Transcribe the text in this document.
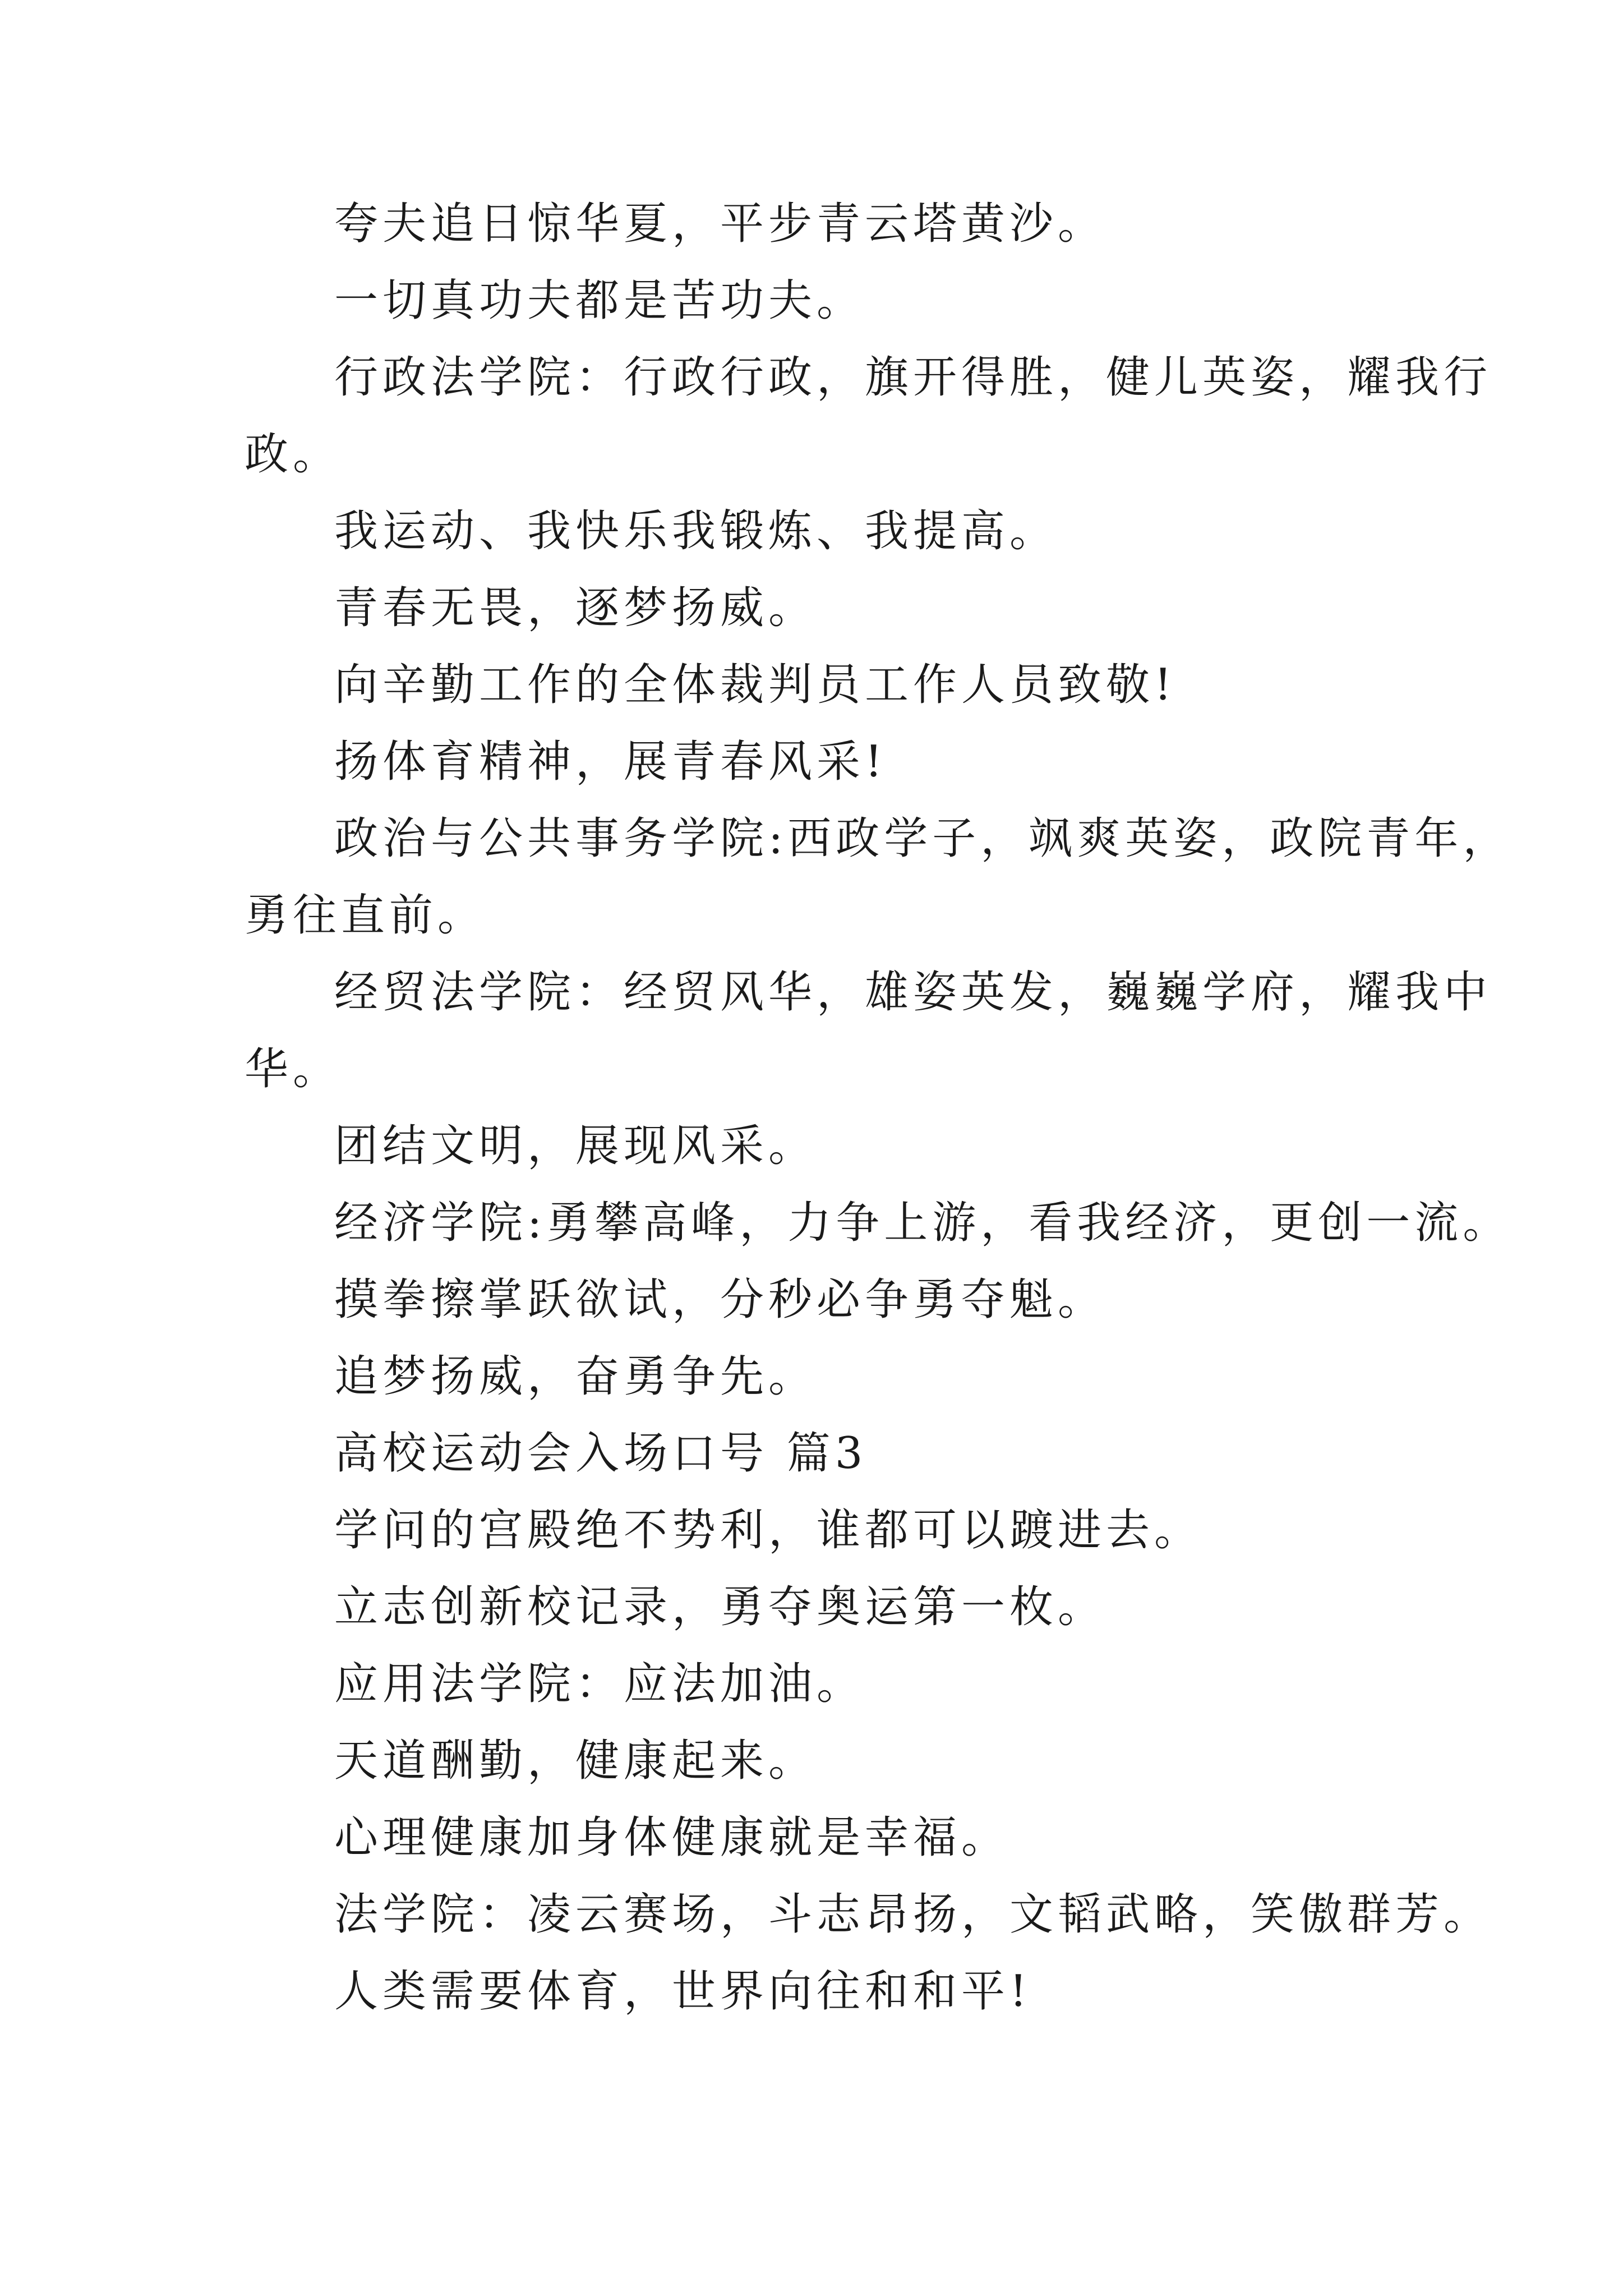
夸夫追日惊华夏，平步青云塔黄沙。
一切真功夫都是苦功夫。
行政法学院：行政行政，旗开得胜，健儿英姿，耀我行
政。
我运动、我快乐我锻炼、我提高。
青春无畏，逐梦扬威。
向辛勤工作的全体裁判员工作人员致敬!
扬体育精神，展青春风采!
政治与公共事务学院:西政学子，飒爽英姿，政院青年，
勇往直前。
经贸法学院：经贸风华，雄姿英发，巍巍学府，耀我中
华。
团结文明，展现风采。
经济学院:勇攀高峰，力争上游，看我经济，更创一流。
摸拳擦掌跃欲试，分秒必争勇夺魁。
追梦扬威，奋勇争先。
高校运动会入场口号 篇3
学问的宫殿绝不势利，谁都可以踱进去。
立志创新校记录，勇夺奥运第一枚。
应用法学院：应法加油。
天道酬勤，健康起来。
心理健康加身体健康就是幸福。
法学院：凌云赛场，斗志昂扬，文韬武略，笑傲群芳。
人类需要体育，世界向往和和平!
